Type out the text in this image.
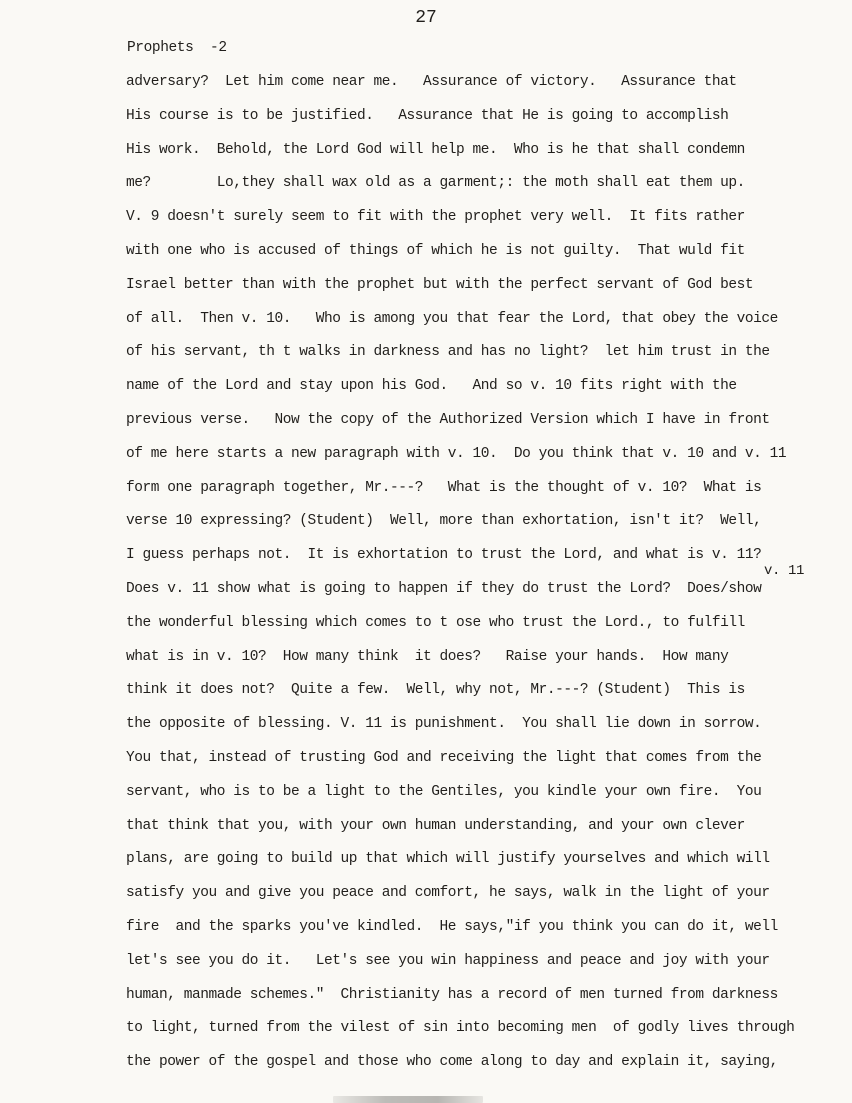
27
Prophets  -2
adversary?  Let him come near me.   Assurance of victory.   Assurance that
His course is to be justified.   Assurance that He is going to accomplish
His work.  Behold, the Lord God will help me.  Who is he that shall condemn
me?        Lo,they shall wax old as a garment;: the moth shall eat them up.
V. 9 doesn't surely seem to fit with the prophet very well.  It fits rather
with one who is accused of things of which he is not guilty.  That wuld fit
Israel better than with the prophet but with the perfect servant of God best
of all.  Then v. 10.   Who is among you that fear the Lord, that obey the voice
of his servant, th t walks in darkness and has no light?  let him trust in the
name of the Lord and stay upon his God.   And so v. 10 fits right with the
previous verse.   Now the copy of the Authorized Version which I have in front
of me here starts a new paragraph with v. 10.  Do you think that v. 10 and v. 11
form one paragraph together, Mr.---?   What is the thought of v. 10?  What is
verse 10 expressing? (Student)  Well, more than exhortation, isn't it?  Well,
I guess perhaps not.  It is exhortation to trust the Lord, and what is v. 11?
Does v. 11 show what is going to happen if they do trust the Lord?  Does/show
the wonderful blessing which comes to t ose who trust the Lord., to fulfill
what is in v. 10?  How many think  it does?   Raise your hands.  How many
think it does not?  Quite a few.  Well, why not, Mr.---? (Student)  This is
the opposite of blessing. V. 11 is punishment.  You shall lie down in sorrow.
You that, instead of trusting God and receiving the light that comes from the
servant, who is to be a light to the Gentiles, you kindle your own fire.  You
that think that you, with your own human understanding, and your own clever
plans, are going to build up that which will justify yourselves and which will
satisfy you and give you peace and comfort, he says, walk in the light of your
fire  and the sparks you've kindled.  He says,"if you think you can do it, well
let's see you do it.   Let's see you win happiness and peace and joy with your
human, manmade schemes."  Christianity has a record of men turned from darkness
to light, turned from the vilest of sin into becoming men  of godly lives through
the power of the gospel and those who come along to day and explain it, saying,
v. 11
